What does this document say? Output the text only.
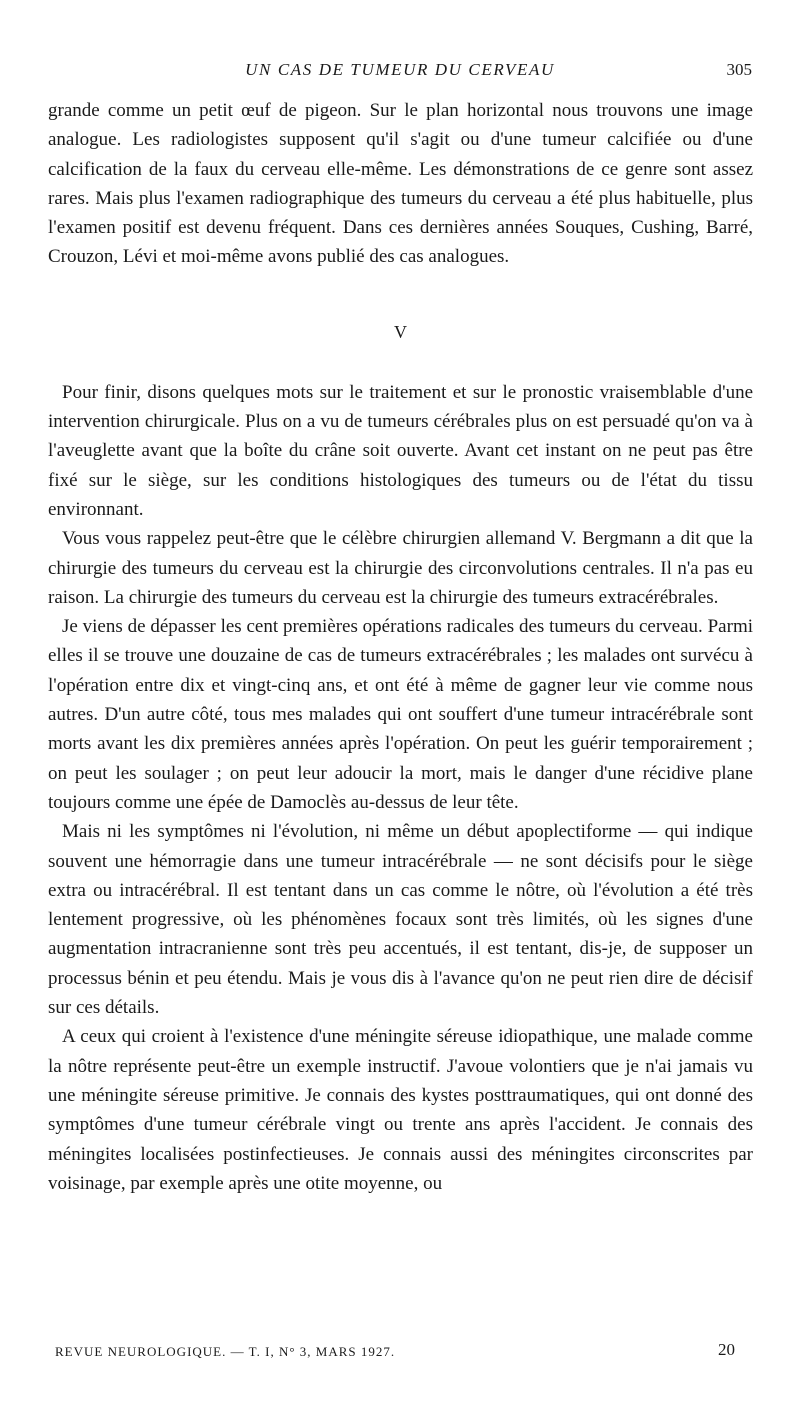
UN CAS DE TUMEUR DU CERVEAU	305

grande comme un petit œuf de pigeon. Sur le plan horizontal nous trouvons une image analogue. Les radiologistes supposent qu'il s'agit ou d'une tumeur calcifiée ou d'une calcification de la faux du cerveau elle-même. Les démonstrations de ce genre sont assez rares. Mais plus l'examen radiographique des tumeurs du cerveau a été plus habituelle, plus l'examen positif est devenu fréquent. Dans ces dernières années Souques, Cushing, Barré, Crouzon, Lévi et moi-même avons publié des cas analogues.

V

Pour finir, disons quelques mots sur le traitement et sur le pronostic vraisemblable d'une intervention chirurgicale. Plus on a vu de tumeurs cérébrales plus on est persuadé qu'on va à l'aveuglette avant que la boîte du crâne soit ouverte. Avant cet instant on ne peut pas être fixé sur le siège, sur les conditions histologiques des tumeurs ou de l'état du tissu environnant.

Vous vous rappelez peut-être que le célèbre chirurgien allemand V. Bergmann a dit que la chirurgie des tumeurs du cerveau est la chirurgie des circonvolutions centrales. Il n'a pas eu raison. La chirurgie des tumeurs du cerveau est la chirurgie des tumeurs extracérébrales.

Je viens de dépasser les cent premières opérations radicales des tumeurs du cerveau. Parmi elles il se trouve une douzaine de cas de tumeurs extracérébrales ; les malades ont survécu à l'opération entre dix et vingt-cinq ans, et ont été à même de gagner leur vie comme nous autres. D'un autre côté, tous mes malades qui ont souffert d'une tumeur intracérébrale sont morts avant les dix premières années après l'opération. On peut les guérir temporairement ; on peut les soulager ; on peut leur adoucir la mort, mais le danger d'une récidive plane toujours comme une épée de Damoclès au-dessus de leur tête.

Mais ni les symptômes ni l'évolution, ni même un début apoplectiforme — qui indique souvent une hémorragie dans une tumeur intracérébrale — ne sont décisifs pour le siège extra ou intracérébral. Il est tentant dans un cas comme le nôtre, où l'évolution a été très lentement progressive, où les phénomènes focaux sont très limités, où les signes d'une augmentation intracranienne sont très peu accentués, il est tentant, dis-je, de supposer un processus bénin et peu étendu. Mais je vous dis à l'avance qu'on ne peut rien dire de décisif sur ces détails.

A ceux qui croient à l'existence d'une méningite séreuse idiopathique, une malade comme la nôtre représente peut-être un exemple instructif. J'avoue volontiers que je n'ai jamais vu une méningite séreuse primitive. Je connais des kystes posttraumatiques, qui ont donné des symptômes d'une tumeur cérébrale vingt ou trente ans après l'accident. Je connais des méningites localisées postinfectieuses. Je connais aussi des méningites circonscrites par voisinage, par exemple après une otite moyenne, ou

REVUE NEUROLOGIQUE. — T. I, N° 3, MARS 1927.	20
